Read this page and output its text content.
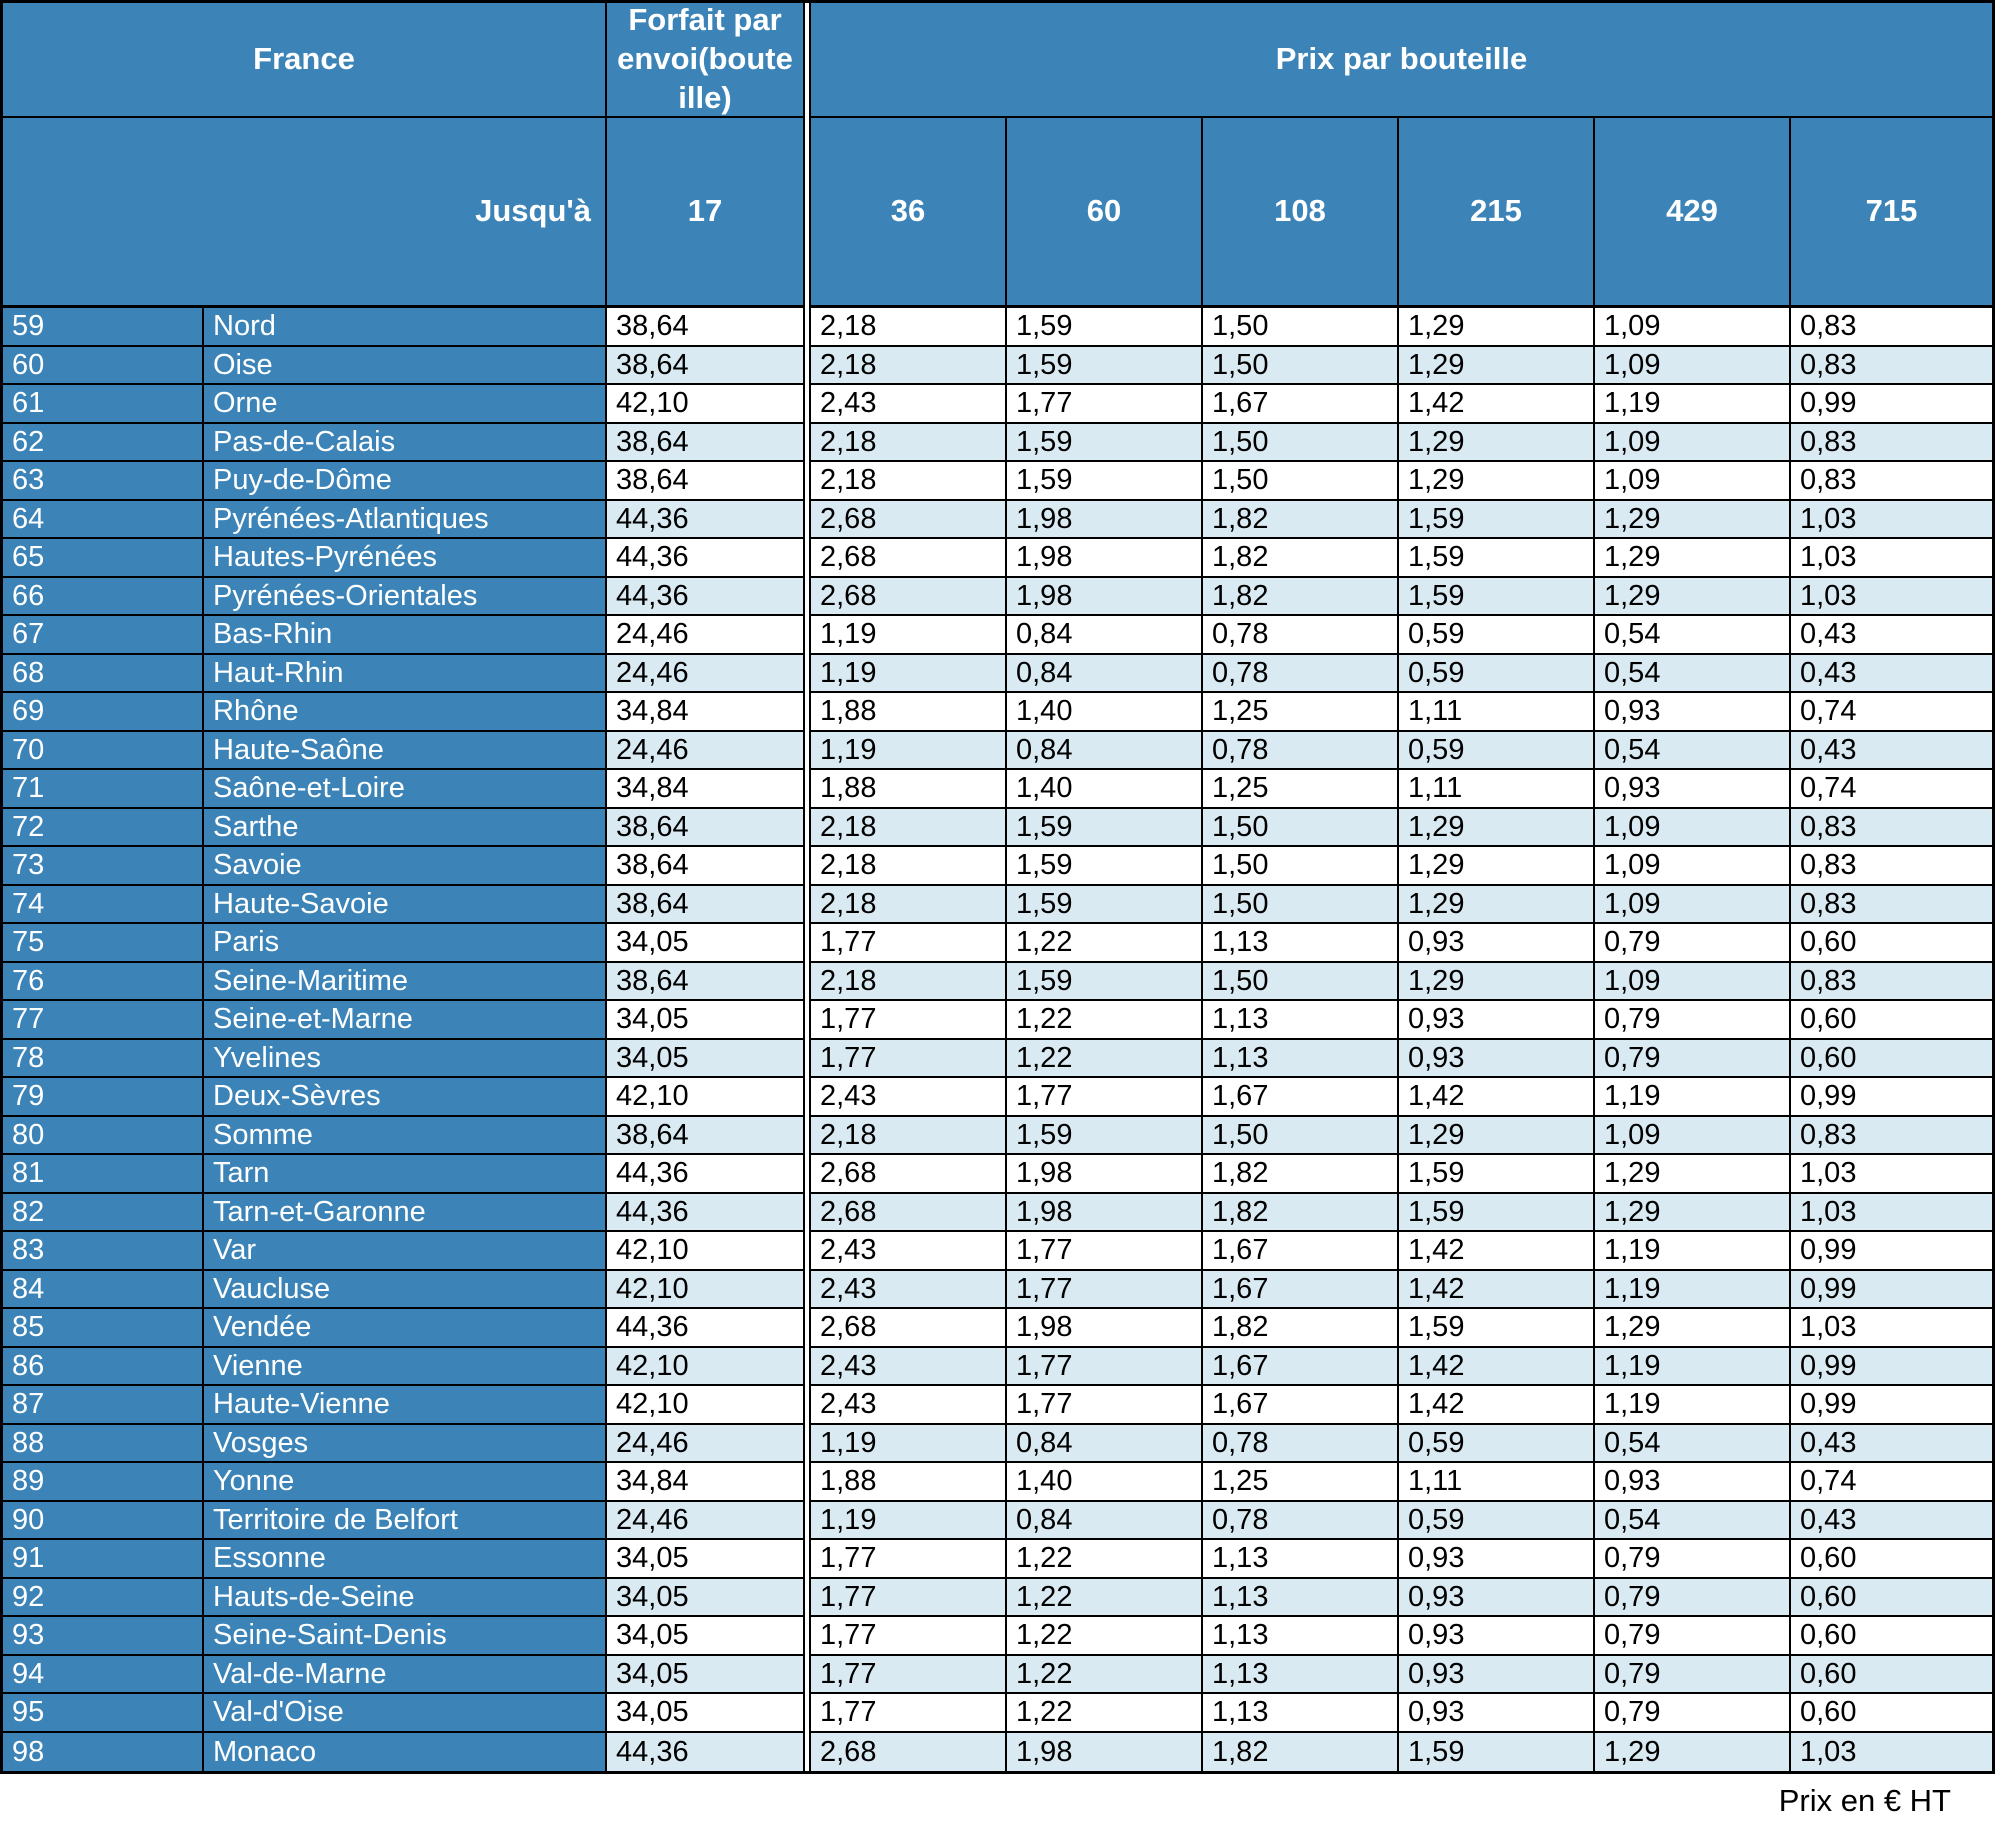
France
Forfait par envoi(bouteille)
Prix par bouteille
Jusqu'à	17	36	60	108	215	429	715
59	Nord	38,64	2,18	1,59	1,50	1,29	1,09	0,83
60	Oise	38,64	2,18	1,59	1,50	1,29	1,09	0,83
61	Orne	42,10	2,43	1,77	1,67	1,42	1,19	0,99
62	Pas-de-Calais	38,64	2,18	1,59	1,50	1,29	1,09	0,83
63	Puy-de-Dôme	38,64	2,18	1,59	1,50	1,29	1,09	0,83
64	Pyrénées-Atlantiques	44,36	2,68	1,98	1,82	1,59	1,29	1,03
65	Hautes-Pyrénées	44,36	2,68	1,98	1,82	1,59	1,29	1,03
66	Pyrénées-Orientales	44,36	2,68	1,98	1,82	1,59	1,29	1,03
67	Bas-Rhin	24,46	1,19	0,84	0,78	0,59	0,54	0,43
68	Haut-Rhin	24,46	1,19	0,84	0,78	0,59	0,54	0,43
69	Rhône	34,84	1,88	1,40	1,25	1,11	0,93	0,74
70	Haute-Saône	24,46	1,19	0,84	0,78	0,59	0,54	0,43
71	Saône-et-Loire	34,84	1,88	1,40	1,25	1,11	0,93	0,74
72	Sarthe	38,64	2,18	1,59	1,50	1,29	1,09	0,83
73	Savoie	38,64	2,18	1,59	1,50	1,29	1,09	0,83
74	Haute-Savoie	38,64	2,18	1,59	1,50	1,29	1,09	0,83
75	Paris	34,05	1,77	1,22	1,13	0,93	0,79	0,60
76	Seine-Maritime	38,64	2,18	1,59	1,50	1,29	1,09	0,83
77	Seine-et-Marne	34,05	1,77	1,22	1,13	0,93	0,79	0,60
78	Yvelines	34,05	1,77	1,22	1,13	0,93	0,79	0,60
79	Deux-Sèvres	42,10	2,43	1,77	1,67	1,42	1,19	0,99
80	Somme	38,64	2,18	1,59	1,50	1,29	1,09	0,83
81	Tarn	44,36	2,68	1,98	1,82	1,59	1,29	1,03
82	Tarn-et-Garonne	44,36	2,68	1,98	1,82	1,59	1,29	1,03
83	Var	42,10	2,43	1,77	1,67	1,42	1,19	0,99
84	Vaucluse	42,10	2,43	1,77	1,67	1,42	1,19	0,99
85	Vendée	44,36	2,68	1,98	1,82	1,59	1,29	1,03
86	Vienne	42,10	2,43	1,77	1,67	1,42	1,19	0,99
87	Haute-Vienne	42,10	2,43	1,77	1,67	1,42	1,19	0,99
88	Vosges	24,46	1,19	0,84	0,78	0,59	0,54	0,43
89	Yonne	34,84	1,88	1,40	1,25	1,11	0,93	0,74
90	Territoire de Belfort	24,46	1,19	0,84	0,78	0,59	0,54	0,43
91	Essonne	34,05	1,77	1,22	1,13	0,93	0,79	0,60
92	Hauts-de-Seine	34,05	1,77	1,22	1,13	0,93	0,79	0,60
93	Seine-Saint-Denis	34,05	1,77	1,22	1,13	0,93	0,79	0,60
94	Val-de-Marne	34,05	1,77	1,22	1,13	0,93	0,79	0,60
95	Val-d'Oise	34,05	1,77	1,22	1,13	0,93	0,79	0,60
98	Monaco	44,36	2,68	1,98	1,82	1,59	1,29	1,03
Prix en € HT
